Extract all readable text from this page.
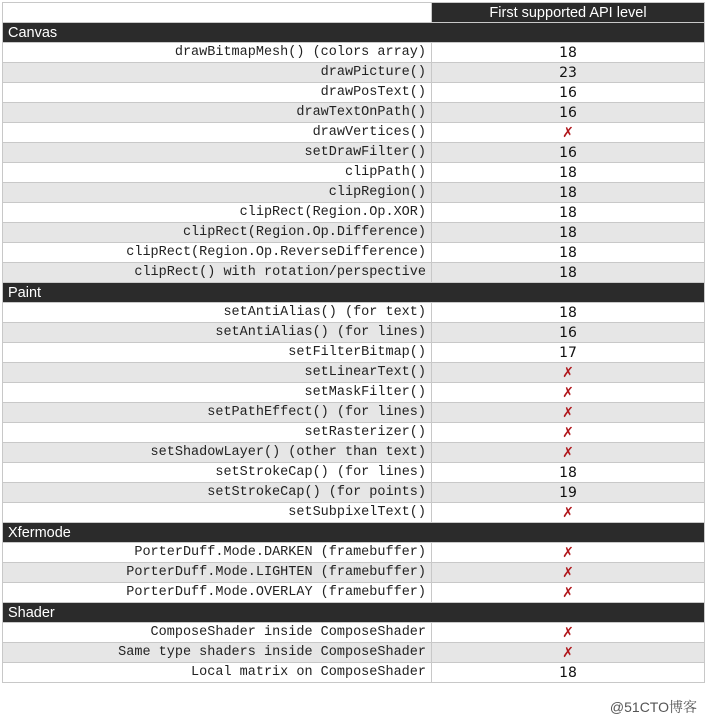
	First supported API level
Canvas	
drawBitmapMesh() (colors array)	18
drawPicture()	23
drawPosText()	16
drawTextOnPath()	16
drawVertices()	✗
setDrawFilter()	16
clipPath()	18
clipRegion()	18
clipRect(Region.Op.XOR)	18
clipRect(Region.Op.Difference)	18
clipRect(Region.Op.ReverseDifference)	18
clipRect() with rotation/perspective	18
Paint	
setAntiAlias() (for text)	18
setAntiAlias() (for lines)	16
setFilterBitmap()	17
setLinearText()	✗
setMaskFilter()	✗
setPathEffect() (for lines)	✗
setRasterizer()	✗
setShadowLayer() (other than text)	✗
setStrokeCap() (for lines)	18
setStrokeCap() (for points)	19
setSubpixelText()	✗
Xfermode	
PorterDuff.Mode.DARKEN (framebuffer)	✗
PorterDuff.Mode.LIGHTEN (framebuffer)	✗
PorterDuff.Mode.OVERLAY (framebuffer)	✗
Shader	
ComposeShader inside ComposeShader	✗
Same type shaders inside ComposeShader	✗
Local matrix on ComposeShader	18
@51CTO博客
